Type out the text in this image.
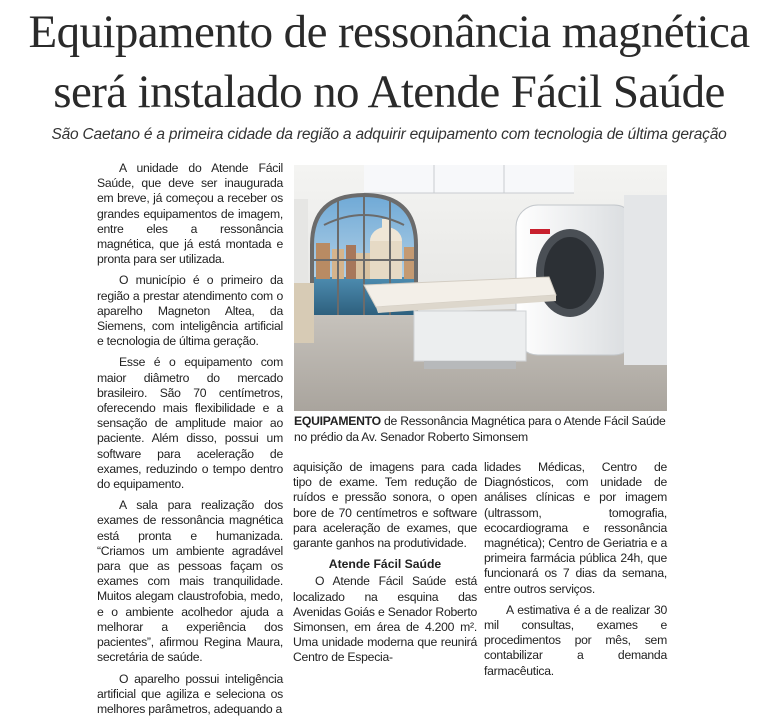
Equipamento de ressonância magnética
será instalado no Atende Fácil Saúde
São Caetano é a primeira cidade da região a adquirir equipamento com tecnologia de última geração

A unidade do Atende Fácil Saúde, que deve ser inaugurada em breve, já começou a receber os grandes equipamentos de imagem, entre eles a ressonância magnética, que já está montada e pronta para ser utilizada.

O município é o primeiro da região a prestar atendimento com o aparelho Magneton Altea, da Siemens, com inteligência artificial e tecnologia de última geração.

Esse é o equipamento com maior diâmetro do mercado brasileiro. São 70 centímetros, oferecendo mais flexibilidade e a sensação de amplitude maior ao paciente. Além disso, possui um software para aceleração de exames, reduzindo o tempo dentro do equipamento.

A sala para realização dos exames de ressonância magnética está pronta e humanizada. “Criamos um ambiente agradável para que as pessoas façam os exames com mais tranquilidade. Muitos alegam claustrofobia, medo, e o ambiente acolhedor ajuda a melhorar a experiência dos pacientes”, afirmou Regina Maura, secretária de saúde.

O aparelho possui inteligência artificial que agiliza e seleciona os melhores parâmetros, adequando a

EQUIPAMENTO de Ressonância Magnética para o Atende Fácil Saúde no prédio da Av. Senador Roberto Simonsem

aquisição de imagens para cada tipo de exame. Tem redução de ruídos e pressão sonora, o open bore de 70 centímetros e software para aceleração de exames, que garante ganhos na produtividade.

Atende Fácil Saúde

O Atende Fácil Saúde está localizado na esquina das Avenidas Goiás e Senador Roberto Simonsen, em área de 4.200 m². Uma unidade moderna que reunirá Centro de Especia-

lidades Médicas, Centro de Diagnósticos, com unidade de análises clínicas e por imagem (ultrassom, tomografia, ecocardiograma e ressonância magnética); Centro de Geriatria e a primeira farmácia pública 24h, que funcionará os 7 dias da semana, entre outros serviços.

A estimativa é a de realizar 30 mil consultas, exames e procedimentos por mês, sem contabilizar a demanda farmacêutica.
